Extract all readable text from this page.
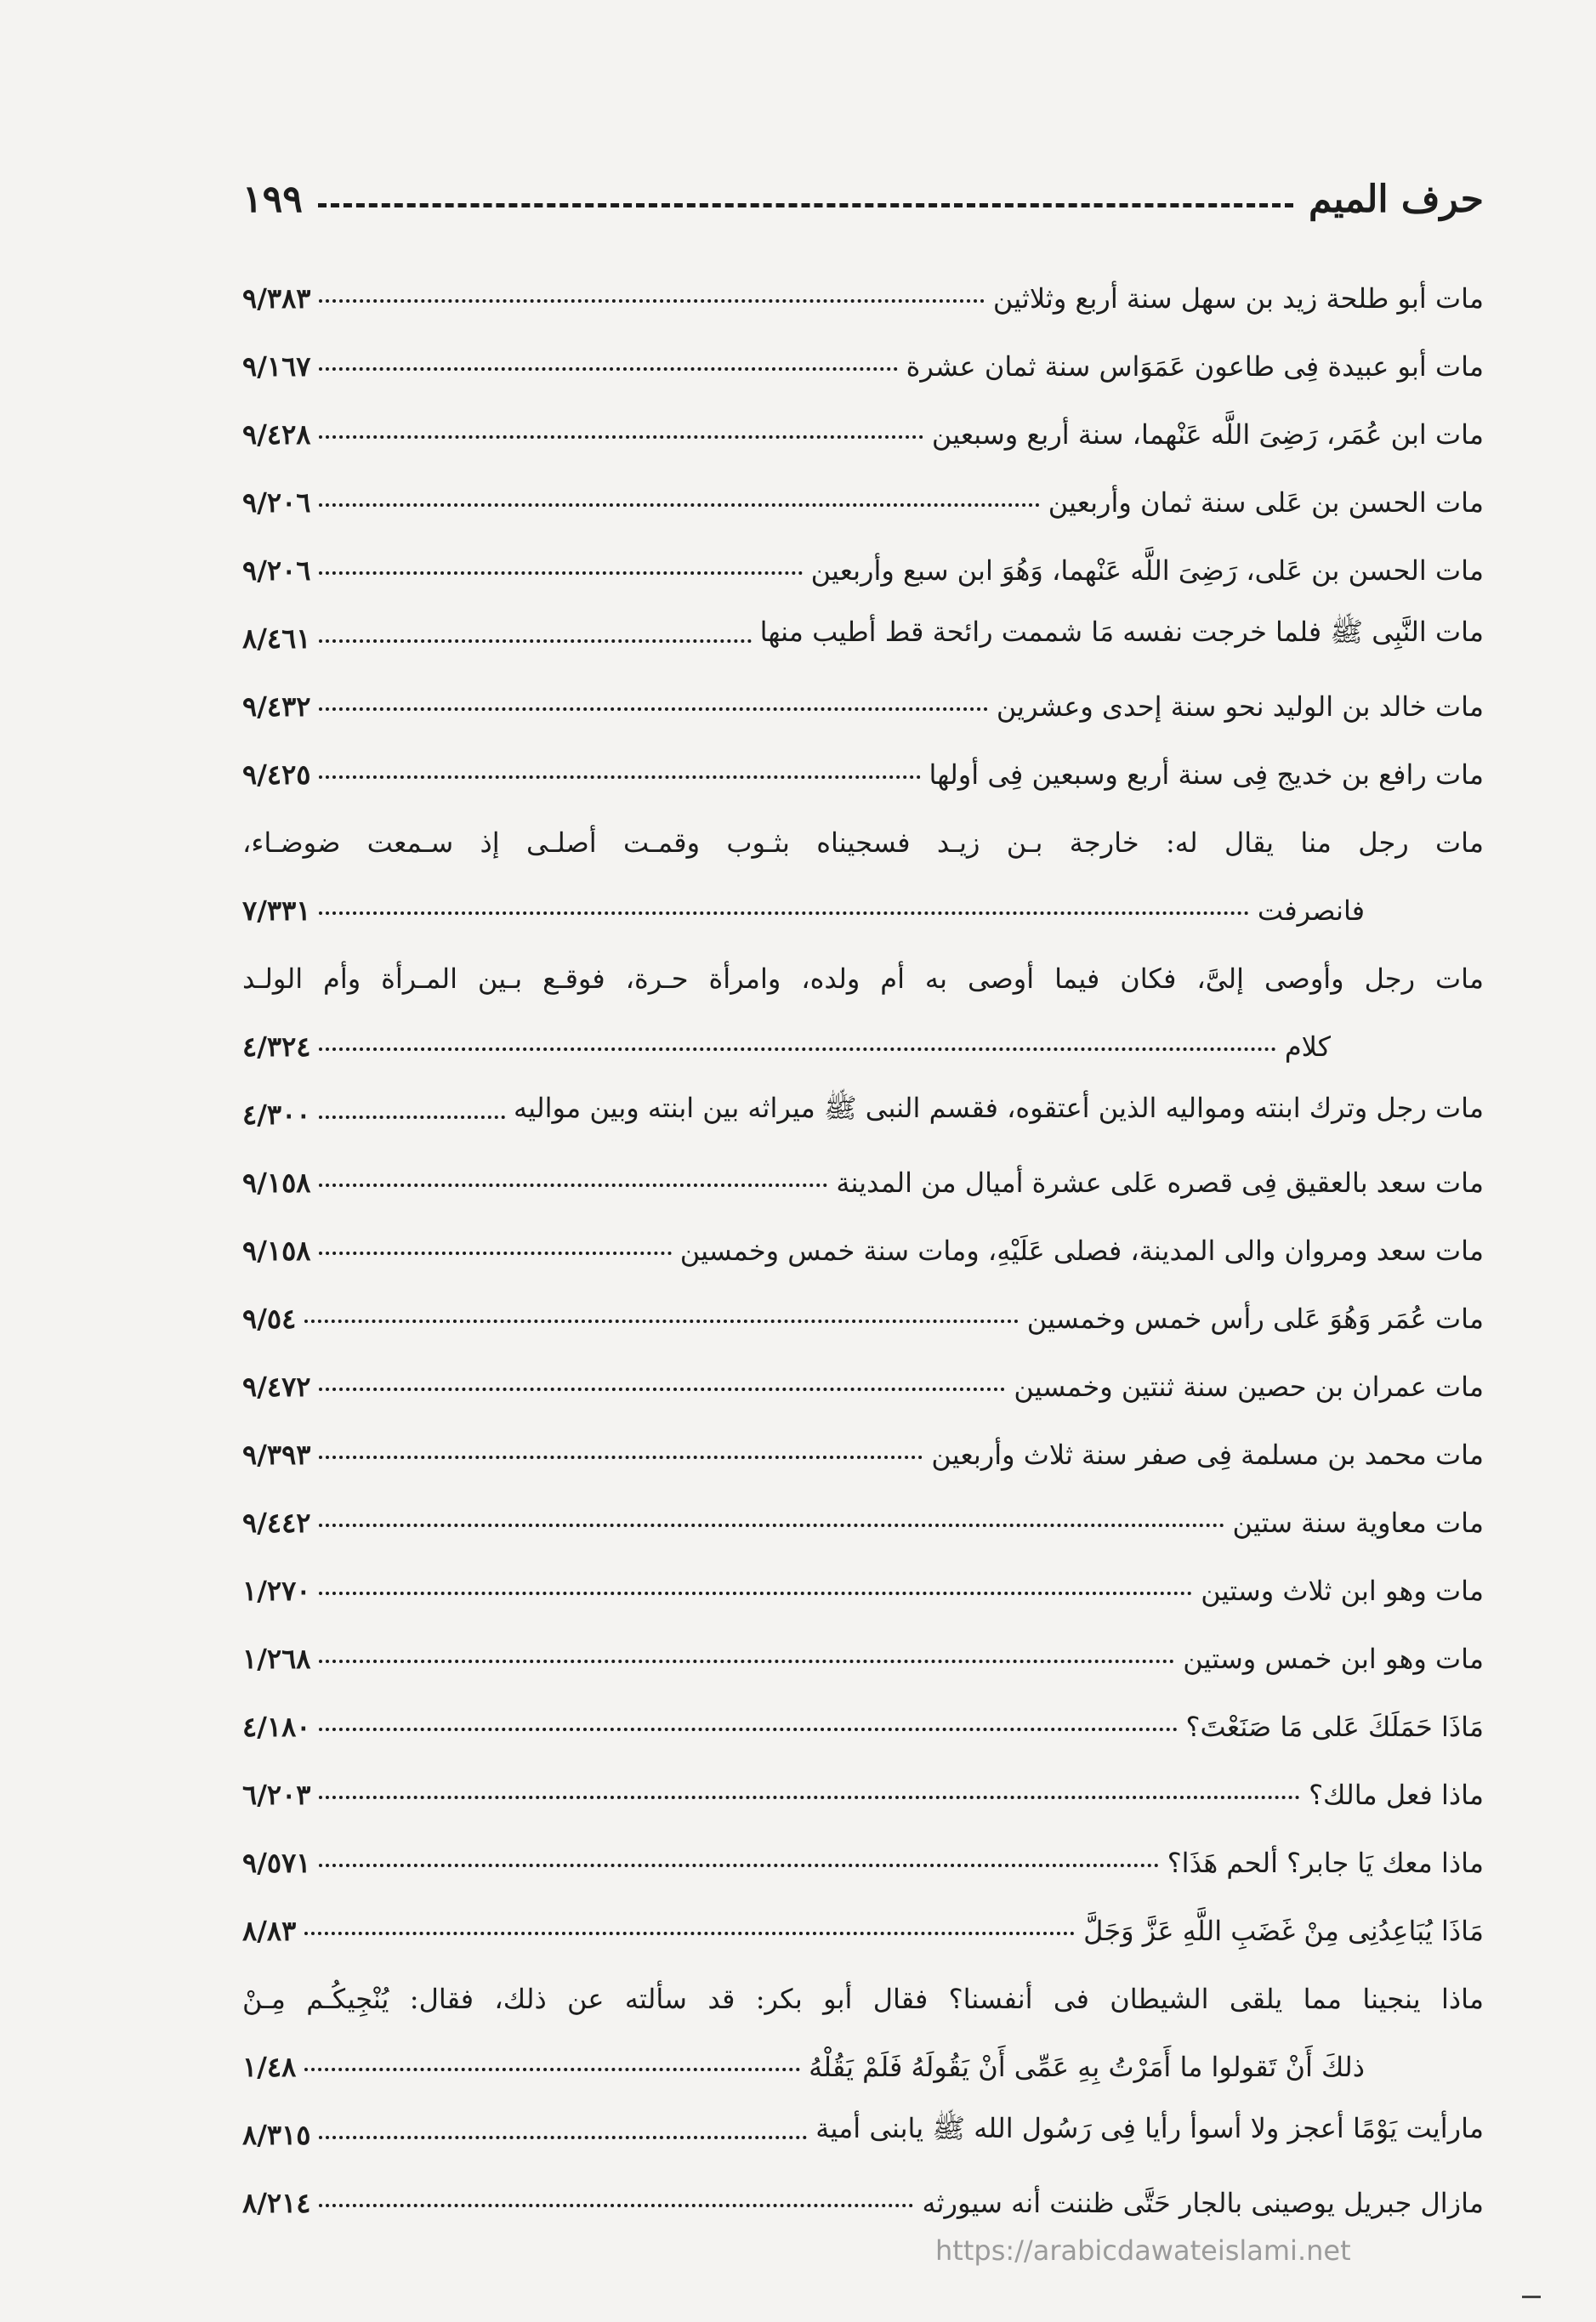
حرف الميم
١٩٩
مات أبو طلحة زيد بن سهل سنة أربع وثلاثين
٩/٣٨٣
مات أبو عبيدة فِى طاعون عَمَوَاس سنة ثمان عشرة
٩/١٦٧
مات ابن عُمَر، رَضِىَ اللَّه عَنْهما، سنة أربع وسبعين
٩/٤٢٨
مات الحسن بن عَلى سنة ثمان وأربعين
٩/٢٠٦
مات الحسن بن عَلى، رَضِىَ اللَّه عَنْهما، وَهُوَ ابن سبع وأربعين
٩/٢٠٦
مات النَّبِى ﷺ فلما خرجت نفسه مَا شممت رائحة قط أطيب منها
٨/٤٦١
مات خالد بن الوليد نحو سنة إحدى وعشرين
٩/٤٣٢
مات رافع بن خديج فِى سنة أربع وسبعين فِى أولها
٩/٤٢٥
مات رجل منا يقال له: خارجة بـن زيـد فسجيناه بثـوب وقمـت أصلـى إذ سـمعت ضوضـاء،
فانصرفت
٧/٣٣١
مات رجل وأوصى إلىَّ، فكان فيما أوصى به أم ولده، وامرأة حـرة، فوقـع بـين المـرأة وأم الولـد
كلام
٤/٣٢٤
مات رجل وترك ابنته ومواليه الذين أعتقوه، فقسم النبى ﷺ ميراثه بين ابنته وبين مواليه
٤/٣٠٠
مات سعد بالعقيق فِى قصره عَلى عشرة أميال من المدينة
٩/١٥٨
مات سعد ومروان والى المدينة، فصلى عَلَيْهِ، ومات سنة خمس وخمسين
٩/١٥٨
مات عُمَر وَهُوَ عَلى رأس خمس وخمسين
٩/٥٤
مات عمران بن حصين سنة ثنتين وخمسين
٩/٤٧٢
مات محمد بن مسلمة فِى صفر سنة ثلاث وأربعين
٩/٣٩٣
مات معاوية سنة ستين
٩/٤٤٢
مات وهو ابن ثلاث وستين
١/٢٧٠
مات وهو ابن خمس وستين
١/٢٦٨
مَاذَا حَمَلَكَ عَلى مَا صَنَعْتَ؟
٤/١٨٠
ماذا فعل مالك؟
٦/٢٠٣
ماذا معك يَا جابر؟ ألحم هَذَا؟
٩/٥٧١
مَاذَا يُبَاعِدُنِى مِنْ غَضَبِ اللَّهِ عَزَّ وَجَلَّ
٨/٨٣
ماذا ينجينا مما يلقى الشيطان فى أنفسنا؟ فقال أبو بكر: قد سألته عن ذلك، فقال: يُنْجِيكُـم مِـنْ
ذلكَ أَنْ تَقولوا ما أَمَرْتُ بِهِ عَمِّى أَنْ يَقُولَهُ فَلَمْ يَقُلْهُ
١/٤٨
مارأيت يَوْمًا أعجز ولا أسوأ رأيا فِى رَسُول الله ﷺ يابنى أمية
٨/٣١٥
مازال جبريل يوصينى بالجار حَتَّى ظننت أنه سيورثه
٨/٢١٤
https://arabicdawateislami.net
